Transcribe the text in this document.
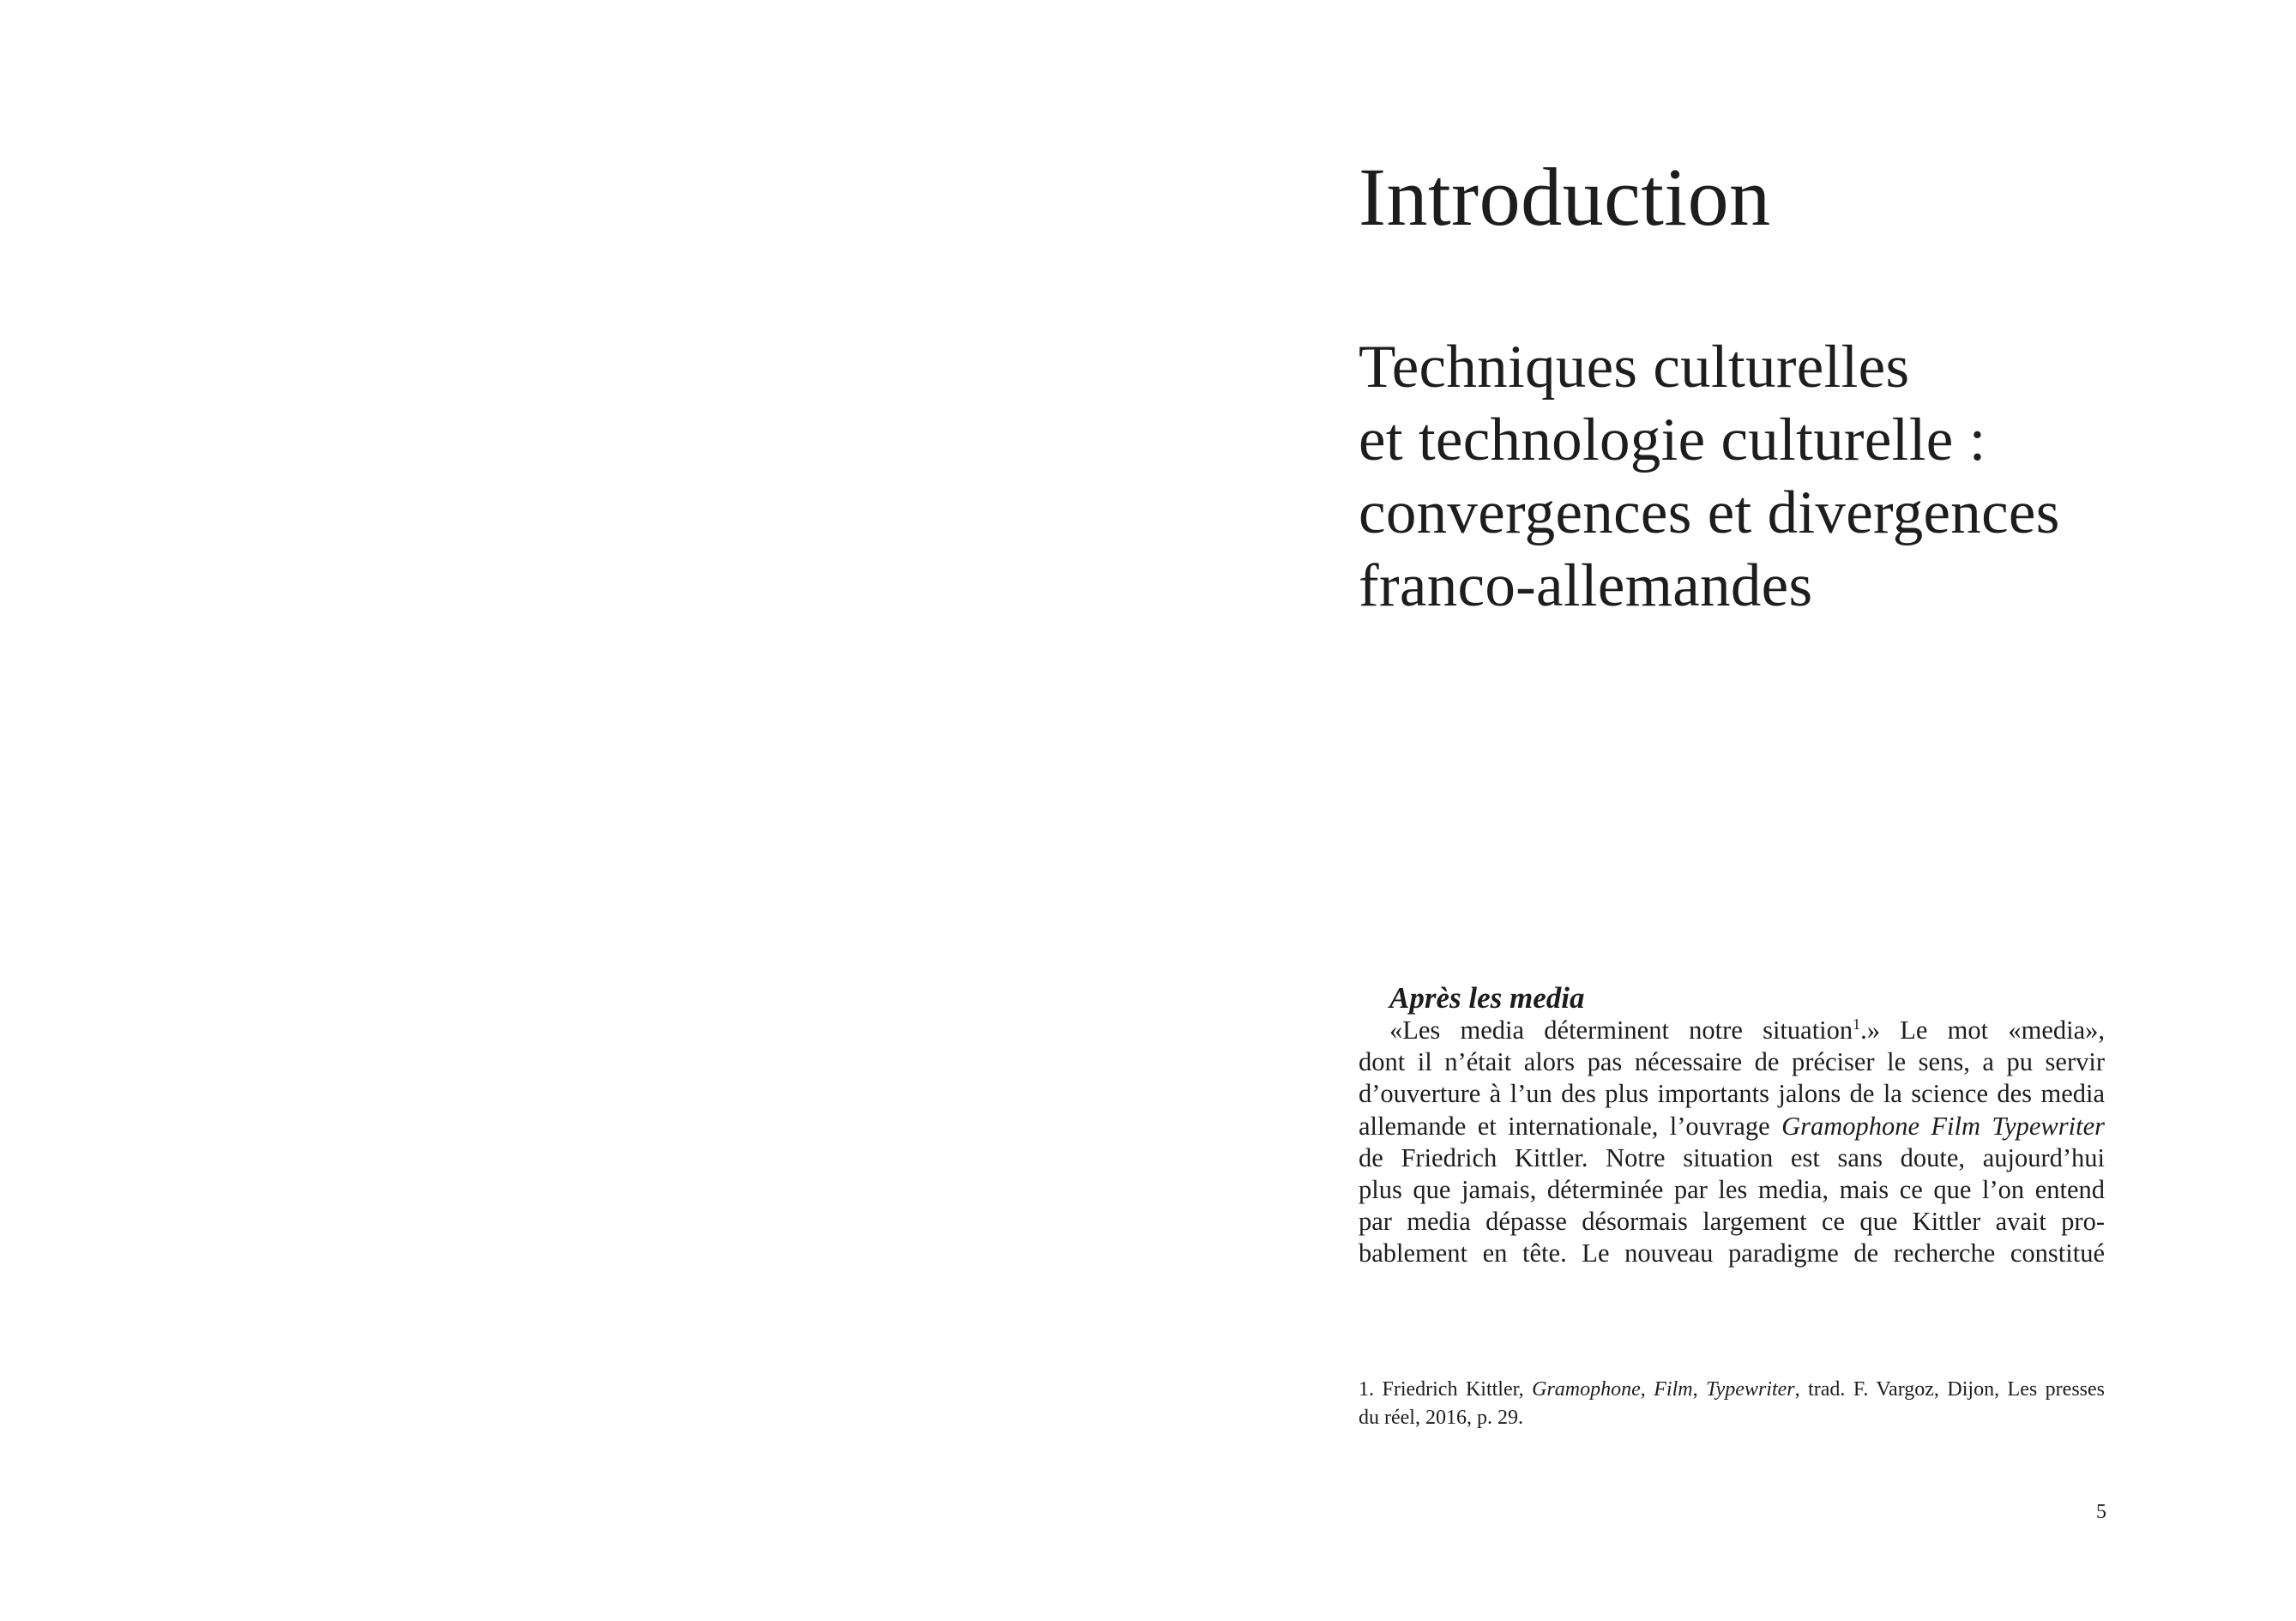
Introduction
Techniques culturelles
et technologie culturelle :
convergences et divergences
franco-allemandes
Après les media
«Les media déterminent notre situation$^1$.» Le mot «media»,
dont il n’était alors pas nécessaire de préciser le sens, a pu servir
d’ouverture à l’un des plus importants jalons de la science des media
allemande et internationale, l’ouvrage Gramophone Film Typewriter
de Friedrich Kittler. Notre situation est sans doute, aujourd’hui
plus que jamais, déterminée par les media, mais ce que l’on entend
par media dépasse désormais largement ce que Kittler avait pro-
bablement en tête. Le nouveau paradigme de recherche constitué
1. Friedrich Kittler, Gramophone, Film, Typewriter, trad. F. Vargoz, Dijon, Les presses
du réel, 2016, p. 29.
5
